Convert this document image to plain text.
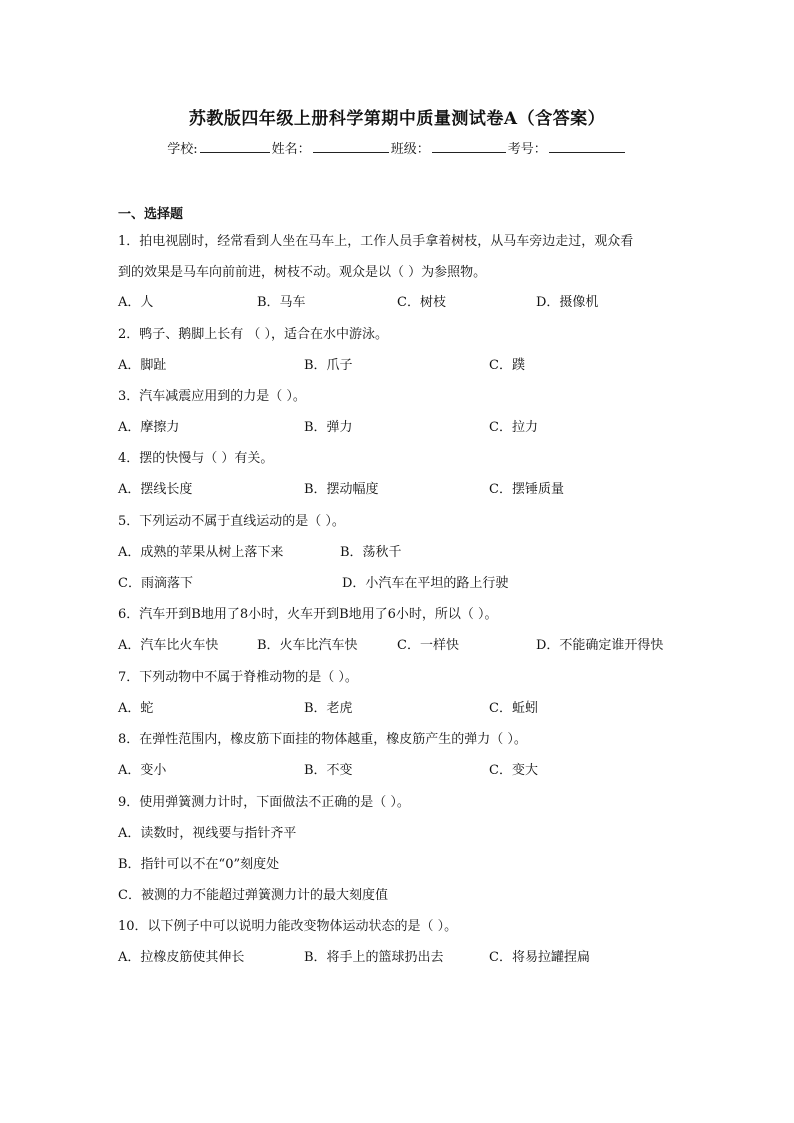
苏教版四年级上册科学第期中质量测试卷A（含答案）
学校:	姓名：	班级：	考号：
一、选择题
1．拍电视剧时，经常看到人坐在马车上，工作人员手拿着树枝，从马车旁边走过，观众看
到的效果是马车向前前进，树枝不动。观众是以（ ）为参照物。
A．人	B．马车	C．树枝	D．摄像机
2．鸭子、鹅脚上长有 （ ），适合在水中游泳。
A．脚趾	B．爪子	C．蹼
3．汽车减震应用到的力是（ ）。
A．摩擦力	B．弹力	C．拉力
4．摆的快慢与（ ）有关。
A．摆线长度	B．摆动幅度	C．摆锤质量
5．下列运动不属于直线运动的是（ ）。
A．成熟的苹果从树上落下来	B．荡秋千
C．雨滴落下	D．小汽车在平坦的路上行驶
6．汽车开到B地用了8小时，火车开到B地用了6小时，所以（ ）。
A．汽车比火车快	B．火车比汽车快	C．一样快	D．不能确定谁开得快
7．下列动物中不属于脊椎动物的是（ ）。
A．蛇	B．老虎	C．蚯蚓
8．在弹性范围内，橡皮筋下面挂的物体越重，橡皮筋产生的弹力（ ）。
A．变小	B．不变	C．变大
9．使用弹簧测力计时，下面做法不正确的是（ ）。
A．读数时，视线要与指针齐平
B．指针可以不在“0”刻度处
C．被测的力不能超过弹簧测力计的最大刻度值
10．以下例子中可以说明力能改变物体运动状态的是（ ）。
A．拉橡皮筋使其伸长	B．将手上的篮球扔出去	C．将易拉罐捏扁
